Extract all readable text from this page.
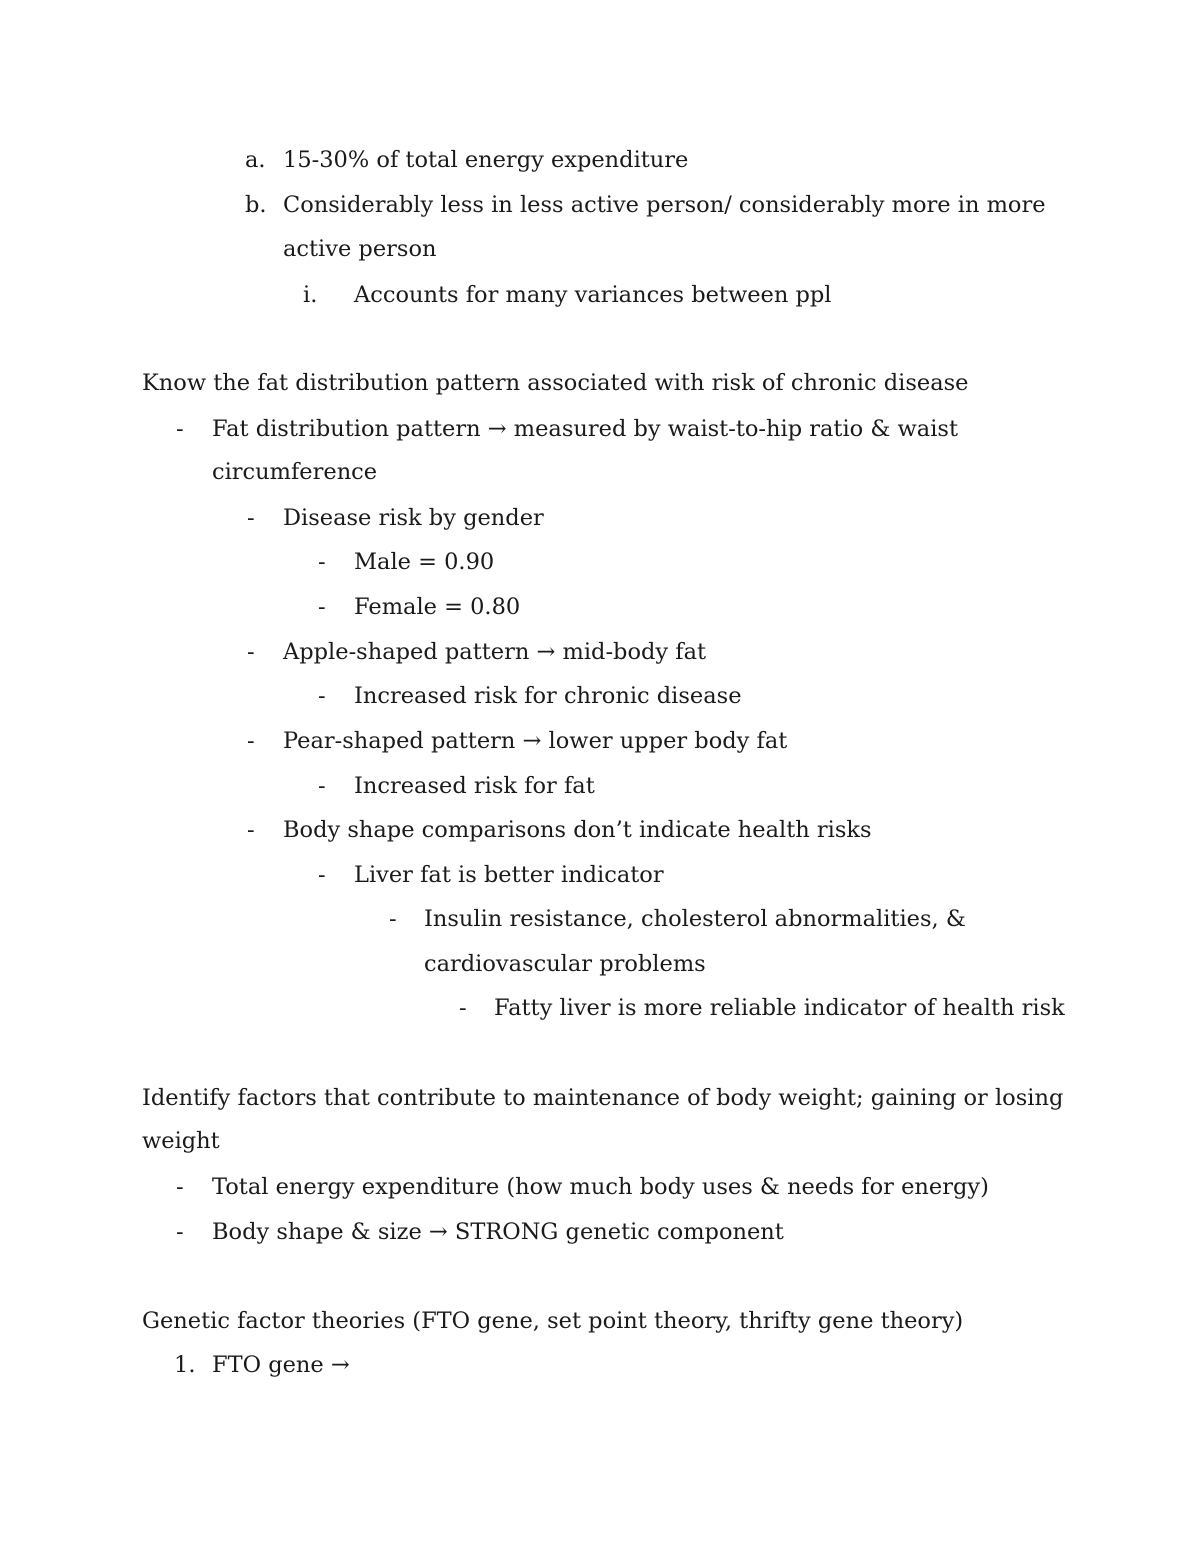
a. 15-30% of total energy expenditure
b. Considerably less in less active person/ considerably more in more
active person
i. Accounts for many variances between ppl
Know the fat distribution pattern associated with risk of chronic disease
- Fat distribution pattern → measured by waist-to-hip ratio & waist
circumference
- Disease risk by gender
- Male = 0.90
- Female = 0.80
- Apple-shaped pattern → mid-body fat
- Increased risk for chronic disease
- Pear-shaped pattern → lower upper body fat
- Increased risk for fat
- Body shape comparisons don’t indicate health risks
- Liver fat is better indicator
- Insulin resistance, cholesterol abnormalities, &
cardiovascular problems
- Fatty liver is more reliable indicator of health risk
Identify factors that contribute to maintenance of body weight; gaining or losing
weight
- Total energy expenditure (how much body uses & needs for energy)
- Body shape & size → STRONG genetic component
Genetic factor theories (FTO gene, set point theory, thrifty gene theory)
1. FTO gene →
